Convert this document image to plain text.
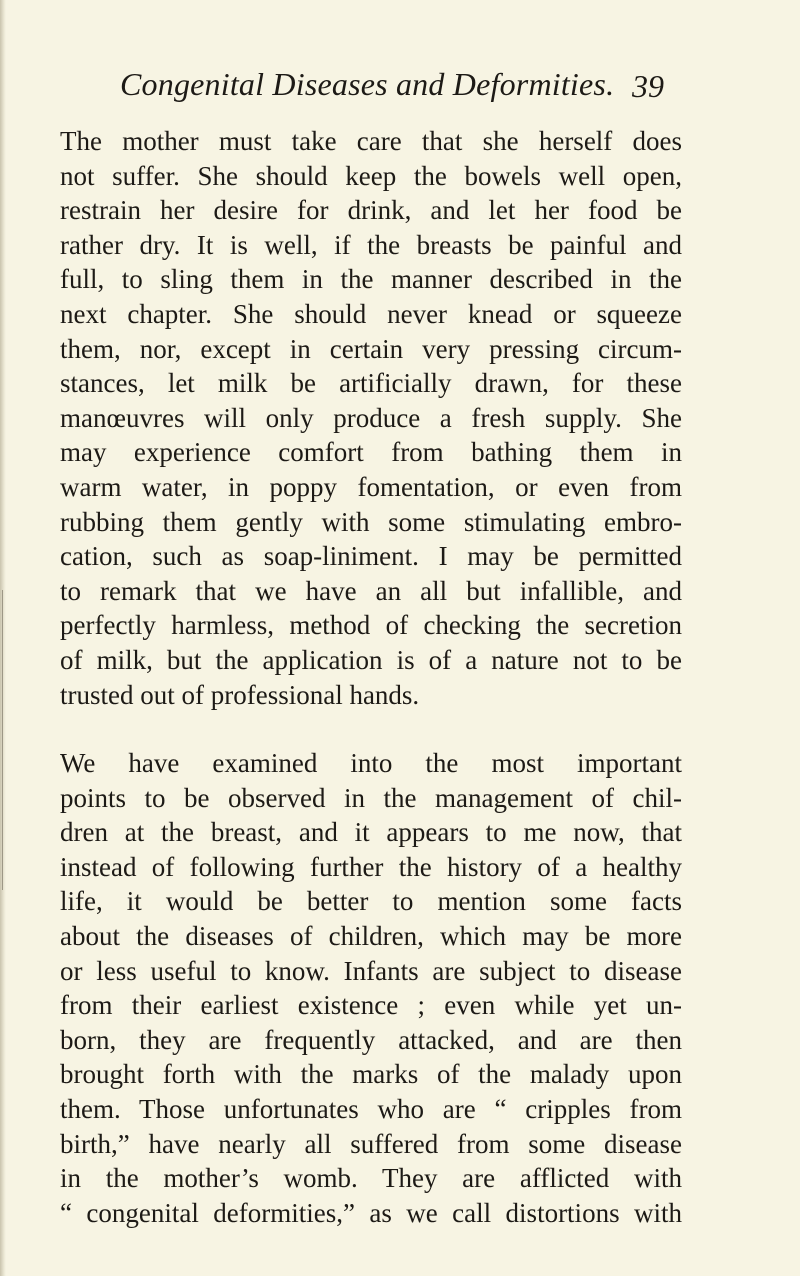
Congenital Diseases and Deformities. 39
The mother must take care that she herself does
not suffer. She should keep the bowels well open,
restrain her desire for drink, and let her food be
rather dry. It is well, if the breasts be painful and
full, to sling them in the manner described in the
next chapter. She should never knead or squeeze
them, nor, except in certain very pressing circum-
stances, let milk be artificially drawn, for these
manœuvres will only produce a fresh supply. She
may experience comfort from bathing them in
warm water, in poppy fomentation, or even from
rubbing them gently with some stimulating embro-
cation, such as soap-liniment. I may be permitted
to remark that we have an all but infallible, and
perfectly harmless, method of checking the secretion
of milk, but the application is of a nature not to be
trusted out of professional hands.
We have examined into the most important
points to be observed in the management of chil-
dren at the breast, and it appears to me now, that
instead of following further the history of a healthy
life, it would be better to mention some facts
about the diseases of children, which may be more
or less useful to know. Infants are subject to disease
from their earliest existence ; even while yet un-
born, they are frequently attacked, and are then
brought forth with the marks of the malady upon
them. Those unfortunates who are “ cripples from
birth,” have nearly all suffered from some disease
in the mother’s womb. They are afflicted with
“ congenital deformities,” as we call distortions with
